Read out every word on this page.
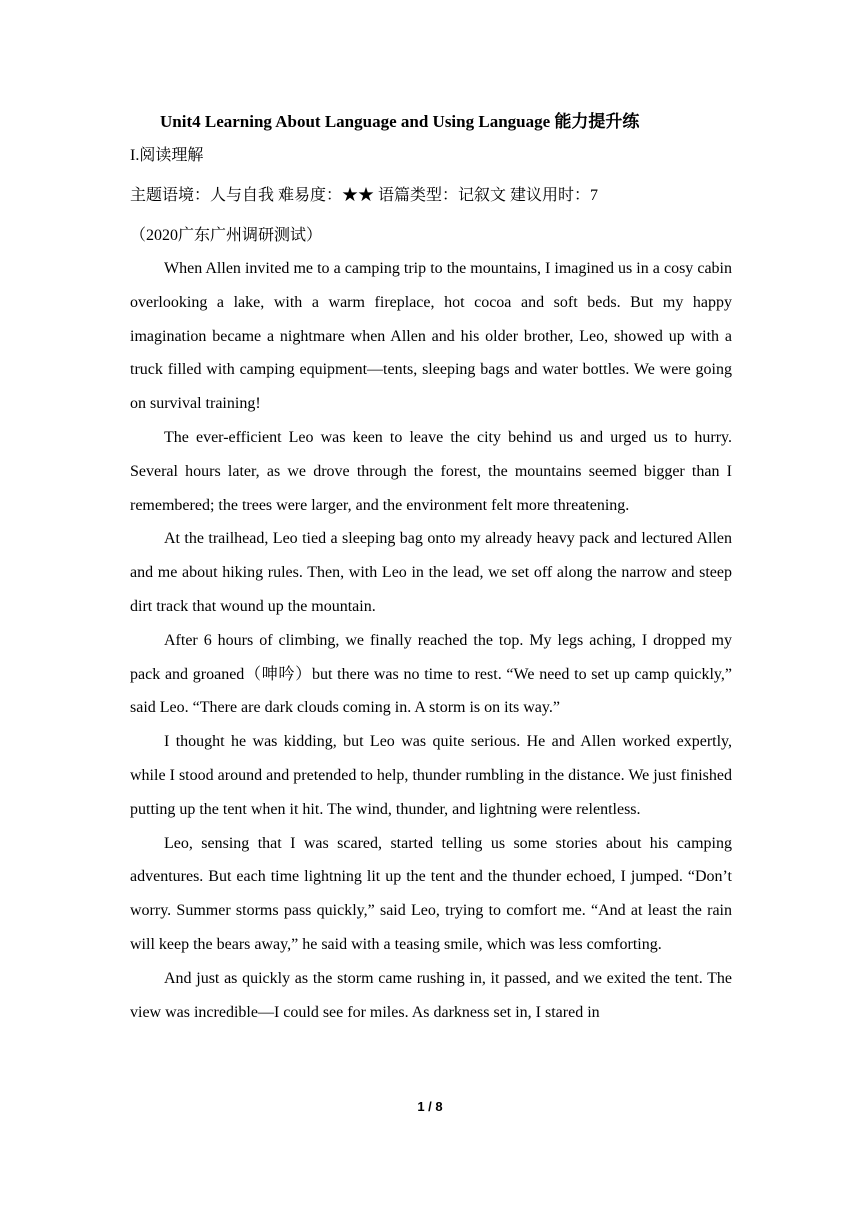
Unit4 Learning About Language and Using Language 能力提升练
I.阅读理解
主题语境：人与自我 难易度：★★ 语篇类型：记叙文 建议用时：7
（2020广东广州调研测试）

When Allen invited me to a camping trip to the mountains, I imagined us in a cosy cabin overlooking a lake, with a warm fireplace, hot cocoa and soft beds. But my happy imagination became a nightmare when Allen and his older brother, Leo, showed up with a truck filled with camping equipment—tents, sleeping bags and water bottles. We were going on survival training!

The ever-efficient Leo was keen to leave the city behind us and urged us to hurry. Several hours later, as we drove through the forest, the mountains seemed bigger than I remembered; the trees were larger, and the environment felt more threatening.

At the trailhead, Leo tied a sleeping bag onto my already heavy pack and lectured Allen and me about hiking rules. Then, with Leo in the lead, we set off along the narrow and steep dirt track that wound up the mountain.

After 6 hours of climbing, we finally reached the top. My legs aching, I dropped my pack and groaned（呻吟）but there was no time to rest. “We need to set up camp quickly,” said Leo. “There are dark clouds coming in. A storm is on its way.”

I thought he was kidding, but Leo was quite serious. He and Allen worked expertly, while I stood around and pretended to help, thunder rumbling in the distance. We just finished putting up the tent when it hit. The wind, thunder, and lightning were relentless.

Leo, sensing that I was scared, started telling us some stories about his camping adventures. But each time lightning lit up the tent and the thunder echoed, I jumped. “Don’t worry. Summer storms pass quickly,” said Leo, trying to comfort me. “And at least the rain will keep the bears away,” he said with a teasing smile, which was less comforting.

And just as quickly as the storm came rushing in, it passed, and we exited the tent. The view was incredible—I could see for miles. As darkness set in, I stared in

1 / 8
